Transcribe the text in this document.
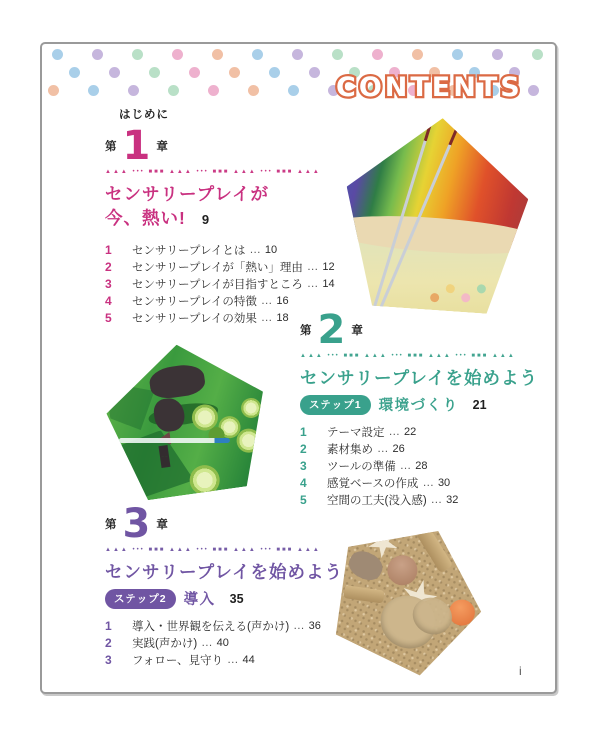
CONTENTS
はじめに
第 1 章
▲▲▲ ••• ■■■ ▲▲▲ ••• ■■■ ▲▲▲ ••• ■■■ ▲▲▲
センサリープレイが
今、熱い! 9
1	センサリープレイとは … 10
2	センサリープレイが「熱い」理由 … 12
3	センサリープレイが目指すところ … 14
4	センサリープレイの特徴 … 16
5	センサリープレイの効果 … 18
第 2 章
▲▲▲ ••• ■■■ ▲▲▲ ••• ■■■ ▲▲▲ ••• ■■■ ▲▲▲
センサリープレイを始めよう
ステップ1	環境づくり 21
1	テーマ設定 … 22
2	素材集め … 26
3	ツールの準備 … 28
4	感覚ベースの作成 … 30
5	空間の工夫(没入感) … 32
第 3 章
▲▲▲ ••• ■■■ ▲▲▲ ••• ■■■ ▲▲▲ ••• ■■■ ▲▲▲
センサリープレイを始めよう
ステップ2	導入 35
1	導入・世界観を伝える(声かけ) … 36
2	実践(声かけ) … 40
3	フォロー、見守り … 44
i
